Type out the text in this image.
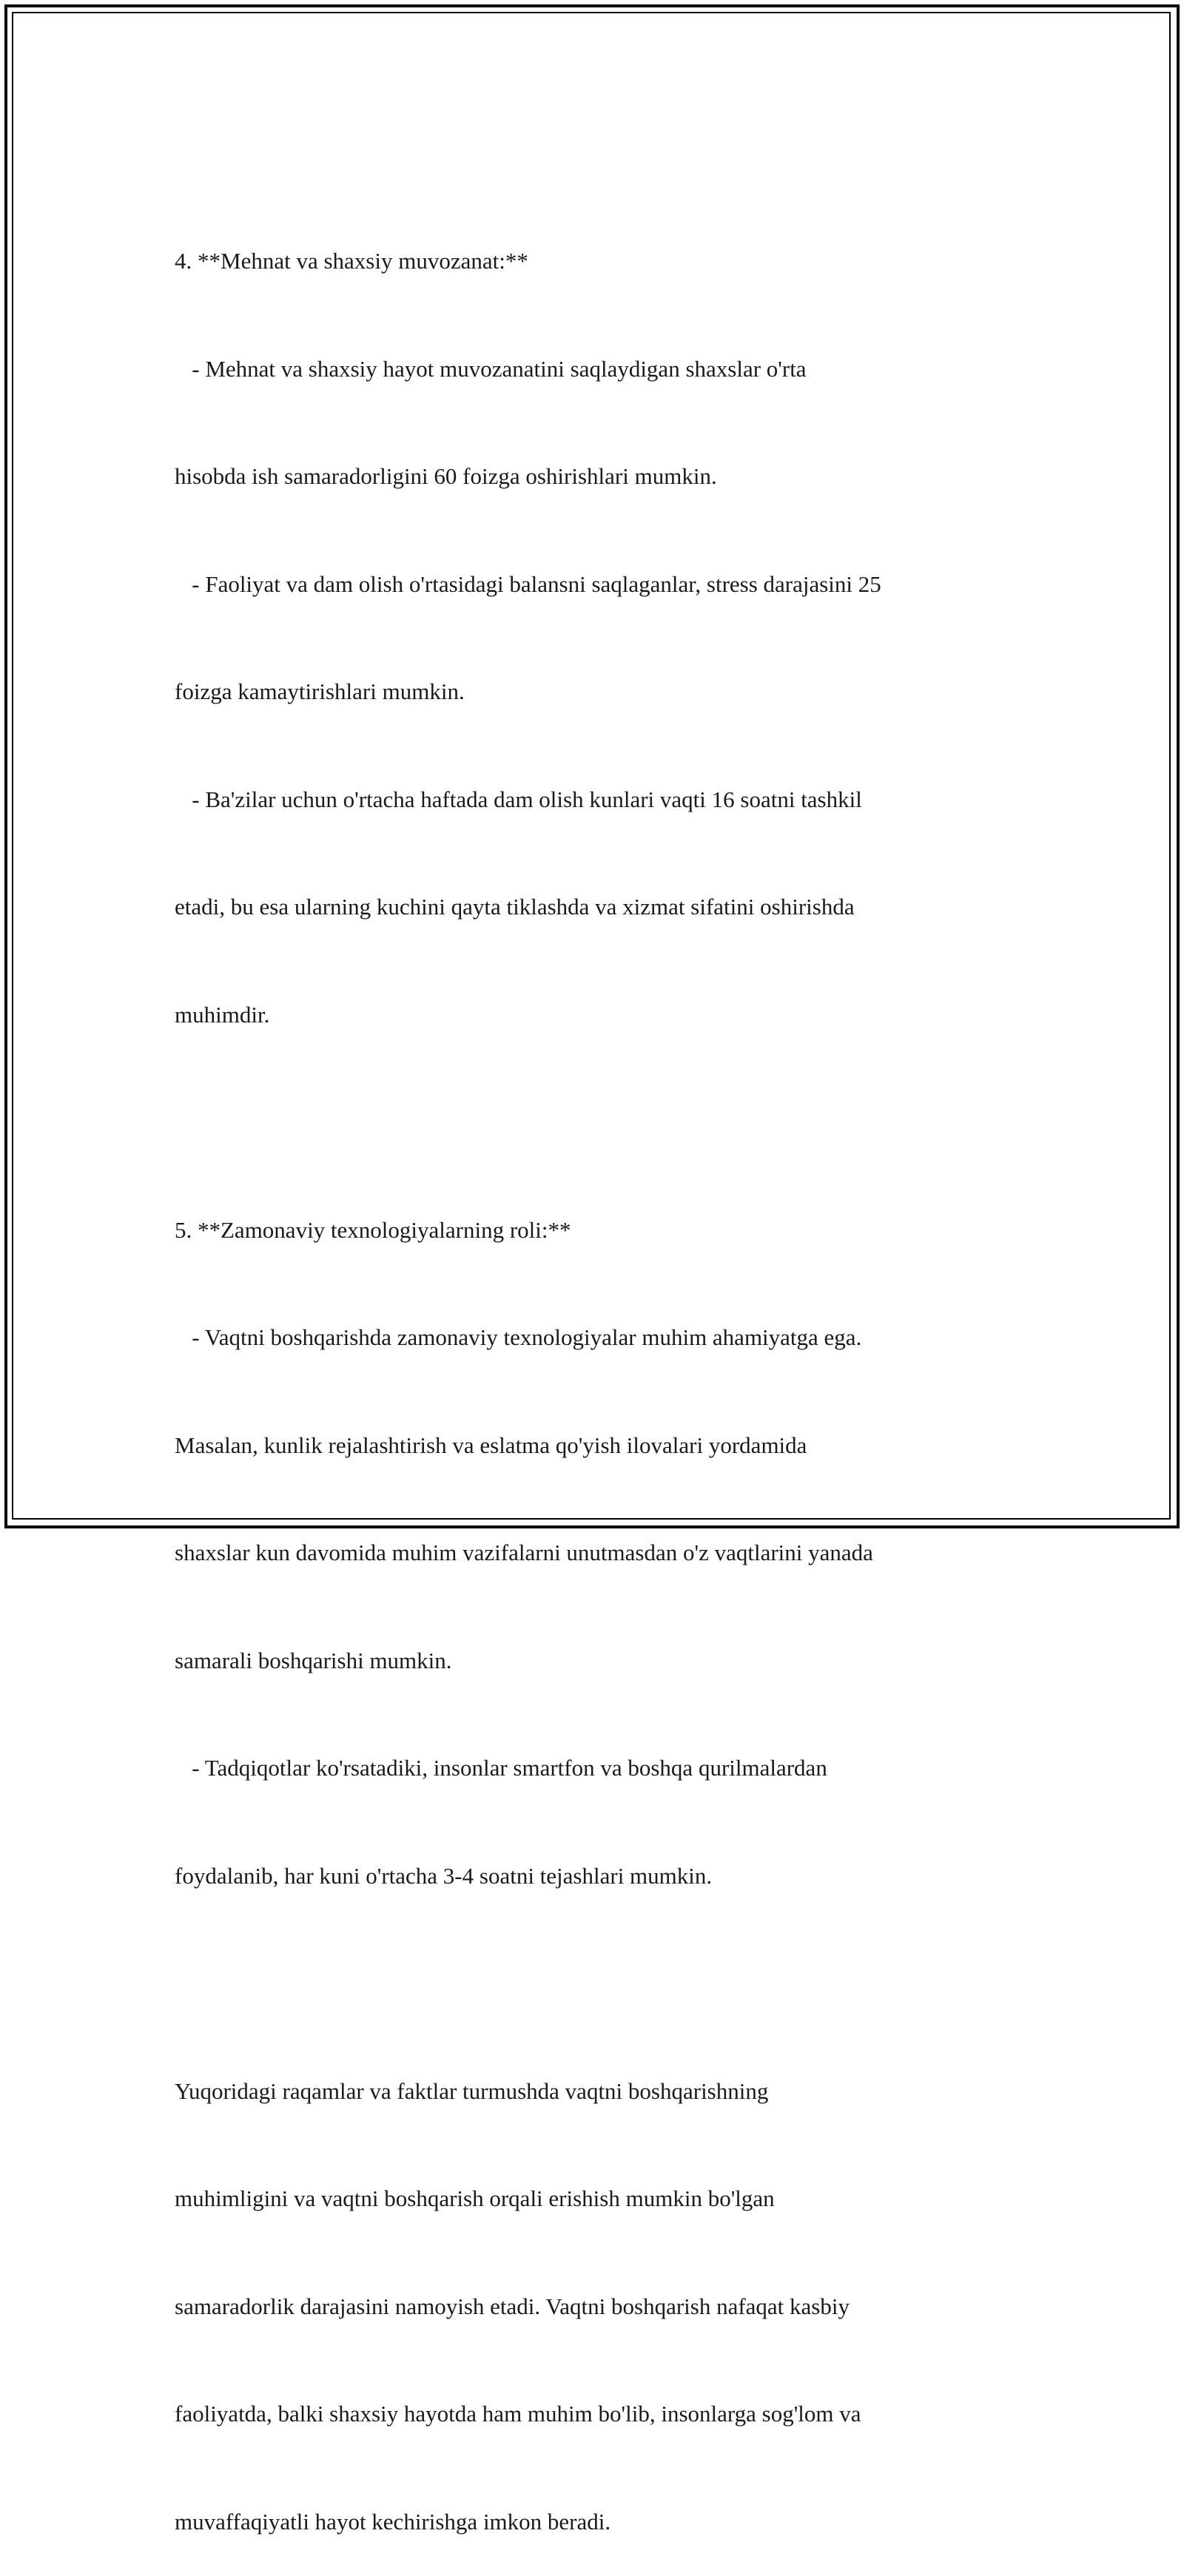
4. **Mehnat va shaxsiy muvozanat:**

- Mehnat va shaxsiy hayot muvozanatini saqlaydigan shaxslar o'rta

hisobda ish samaradorligini 60 foizga oshirishlari mumkin.

- Faoliyat va dam olish o'rtasidagi balansni saqlaganlar, stress darajasini 25

foizga kamaytirishlari mumkin.

- Ba'zilar uchun o'rtacha haftada dam olish kunlari vaqti 16 soatni tashkil

etadi, bu esa ularning kuchini qayta tiklashda va xizmat sifatini oshirishda

muhimdir.

5. **Zamonaviy texnologiyalarning roli:**

- Vaqtni boshqarishda zamonaviy texnologiyalar muhim ahamiyatga ega.

Masalan, kunlik rejalashtirish va eslatma qo'yish ilovalari yordamida

shaxslar kun davomida muhim vazifalarni unutmasdan o'z vaqtlarini yanada

samarali boshqarishi mumkin.

- Tadqiqotlar ko'rsatadiki, insonlar smartfon va boshqa qurilmalardan

foydalanib, har kuni o'rtacha 3-4 soatni tejashlari mumkin.

Yuqoridagi raqamlar va faktlar turmushda vaqtni boshqarishning

muhimligini va vaqtni boshqarish orqali erishish mumkin bo'lgan

samaradorlik darajasini namoyish etadi. Vaqtni boshqarish nafaqat kasbiy

faoliyatda, balki shaxsiy hayotda ham muhim bo'lib, insonlarga sog'lom va

muvaffaqiyatli hayot kechirishga imkon beradi.
